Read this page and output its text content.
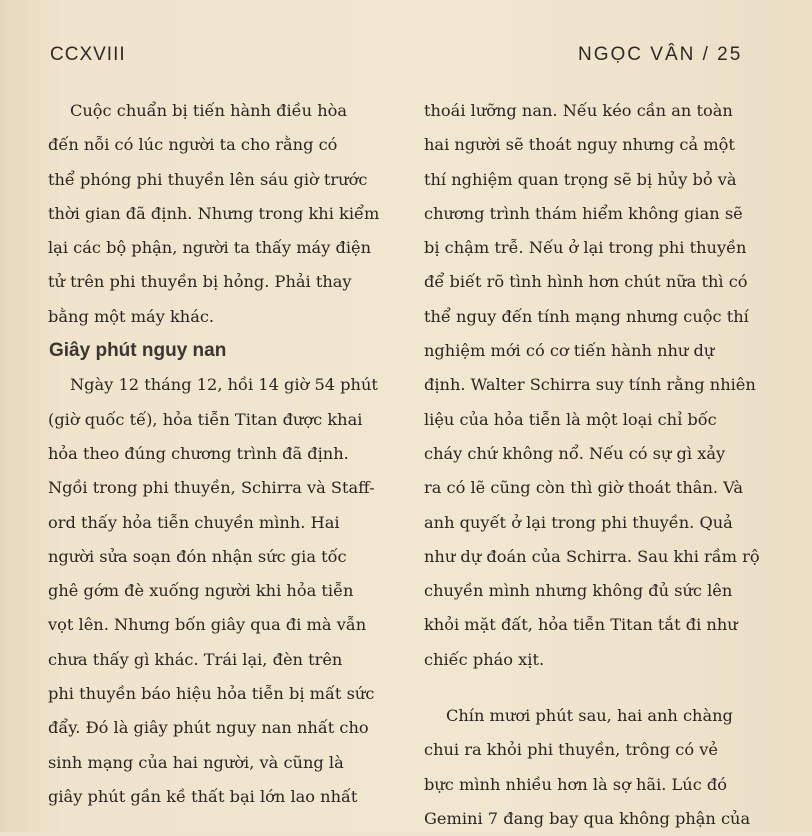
CCXVIII	NGỌC VÂN / 25
Cuộc chuẩn bị tiến hành điều hòa
đến nỗi có lúc người ta cho rằng có
thể phóng phi thuyền lên sáu giờ trước
thời gian đã định. Nhưng trong khi kiểm
lại các bộ phận, người ta thấy máy điện
tử trên phi thuyền bị hỏng. Phải thay
bằng một máy khác.
Giây phút nguy nan
Ngày 12 tháng 12, hồi 14 giờ 54 phút
(giờ quốc tế), hỏa tiễn Titan được khai
hỏa theo đúng chương trình đã định.
Ngồi trong phi thuyền, Schirra và Staff-
ord thấy hỏa tiễn chuyền mình. Hai
người sửa soạn đón nhận sức gia tốc
ghê gớm đè xuống người khi hỏa tiễn
vọt lên. Nhưng bốn giây qua đi mà vẫn
chưa thấy gì khác. Trái lại, đèn trên
phi thuyền báo hiệu hỏa tiễn bị mất sức
đẩy. Đó là giây phút nguy nan nhất cho
sinh mạng của hai người, và cũng là
giây phút gần kề thất bại lớn lao nhất
thoái lưỡng nan. Nếu kéo cần an toàn
hai người sẽ thoát nguy nhưng cả một
thí nghiệm quan trọng sẽ bị hủy bỏ và
chương trình thám hiểm không gian sẽ
bị chậm trễ. Nếu ở lại trong phi thuyền
để biết rõ tình hình hơn chút nữa thì có
thể nguy đến tính mạng nhưng cuộc thí
nghiệm mới có cơ tiến hành như dự
định. Walter Schirra suy tính rằng nhiên
liệu của hỏa tiễn là một loại chỉ bốc
cháy chứ không nổ. Nếu có sự gì xảy
ra có lẽ cũng còn thì giờ thoát thân. Và
anh quyết ở lại trong phi thuyền. Quả
như dự đoán của Schirra. Sau khi rầm rộ
chuyền mình nhưng không đủ sức lên
khỏi mặt đất, hỏa tiễn Titan tắt đi như
chiếc pháo xịt.
Chín mươi phút sau, hai anh chàng
chui ra khỏi phi thuyền, trông có vẻ
bực mình nhiều hơn là sợ hãi. Lúc đó
Gemini 7 đang bay qua không phận của
